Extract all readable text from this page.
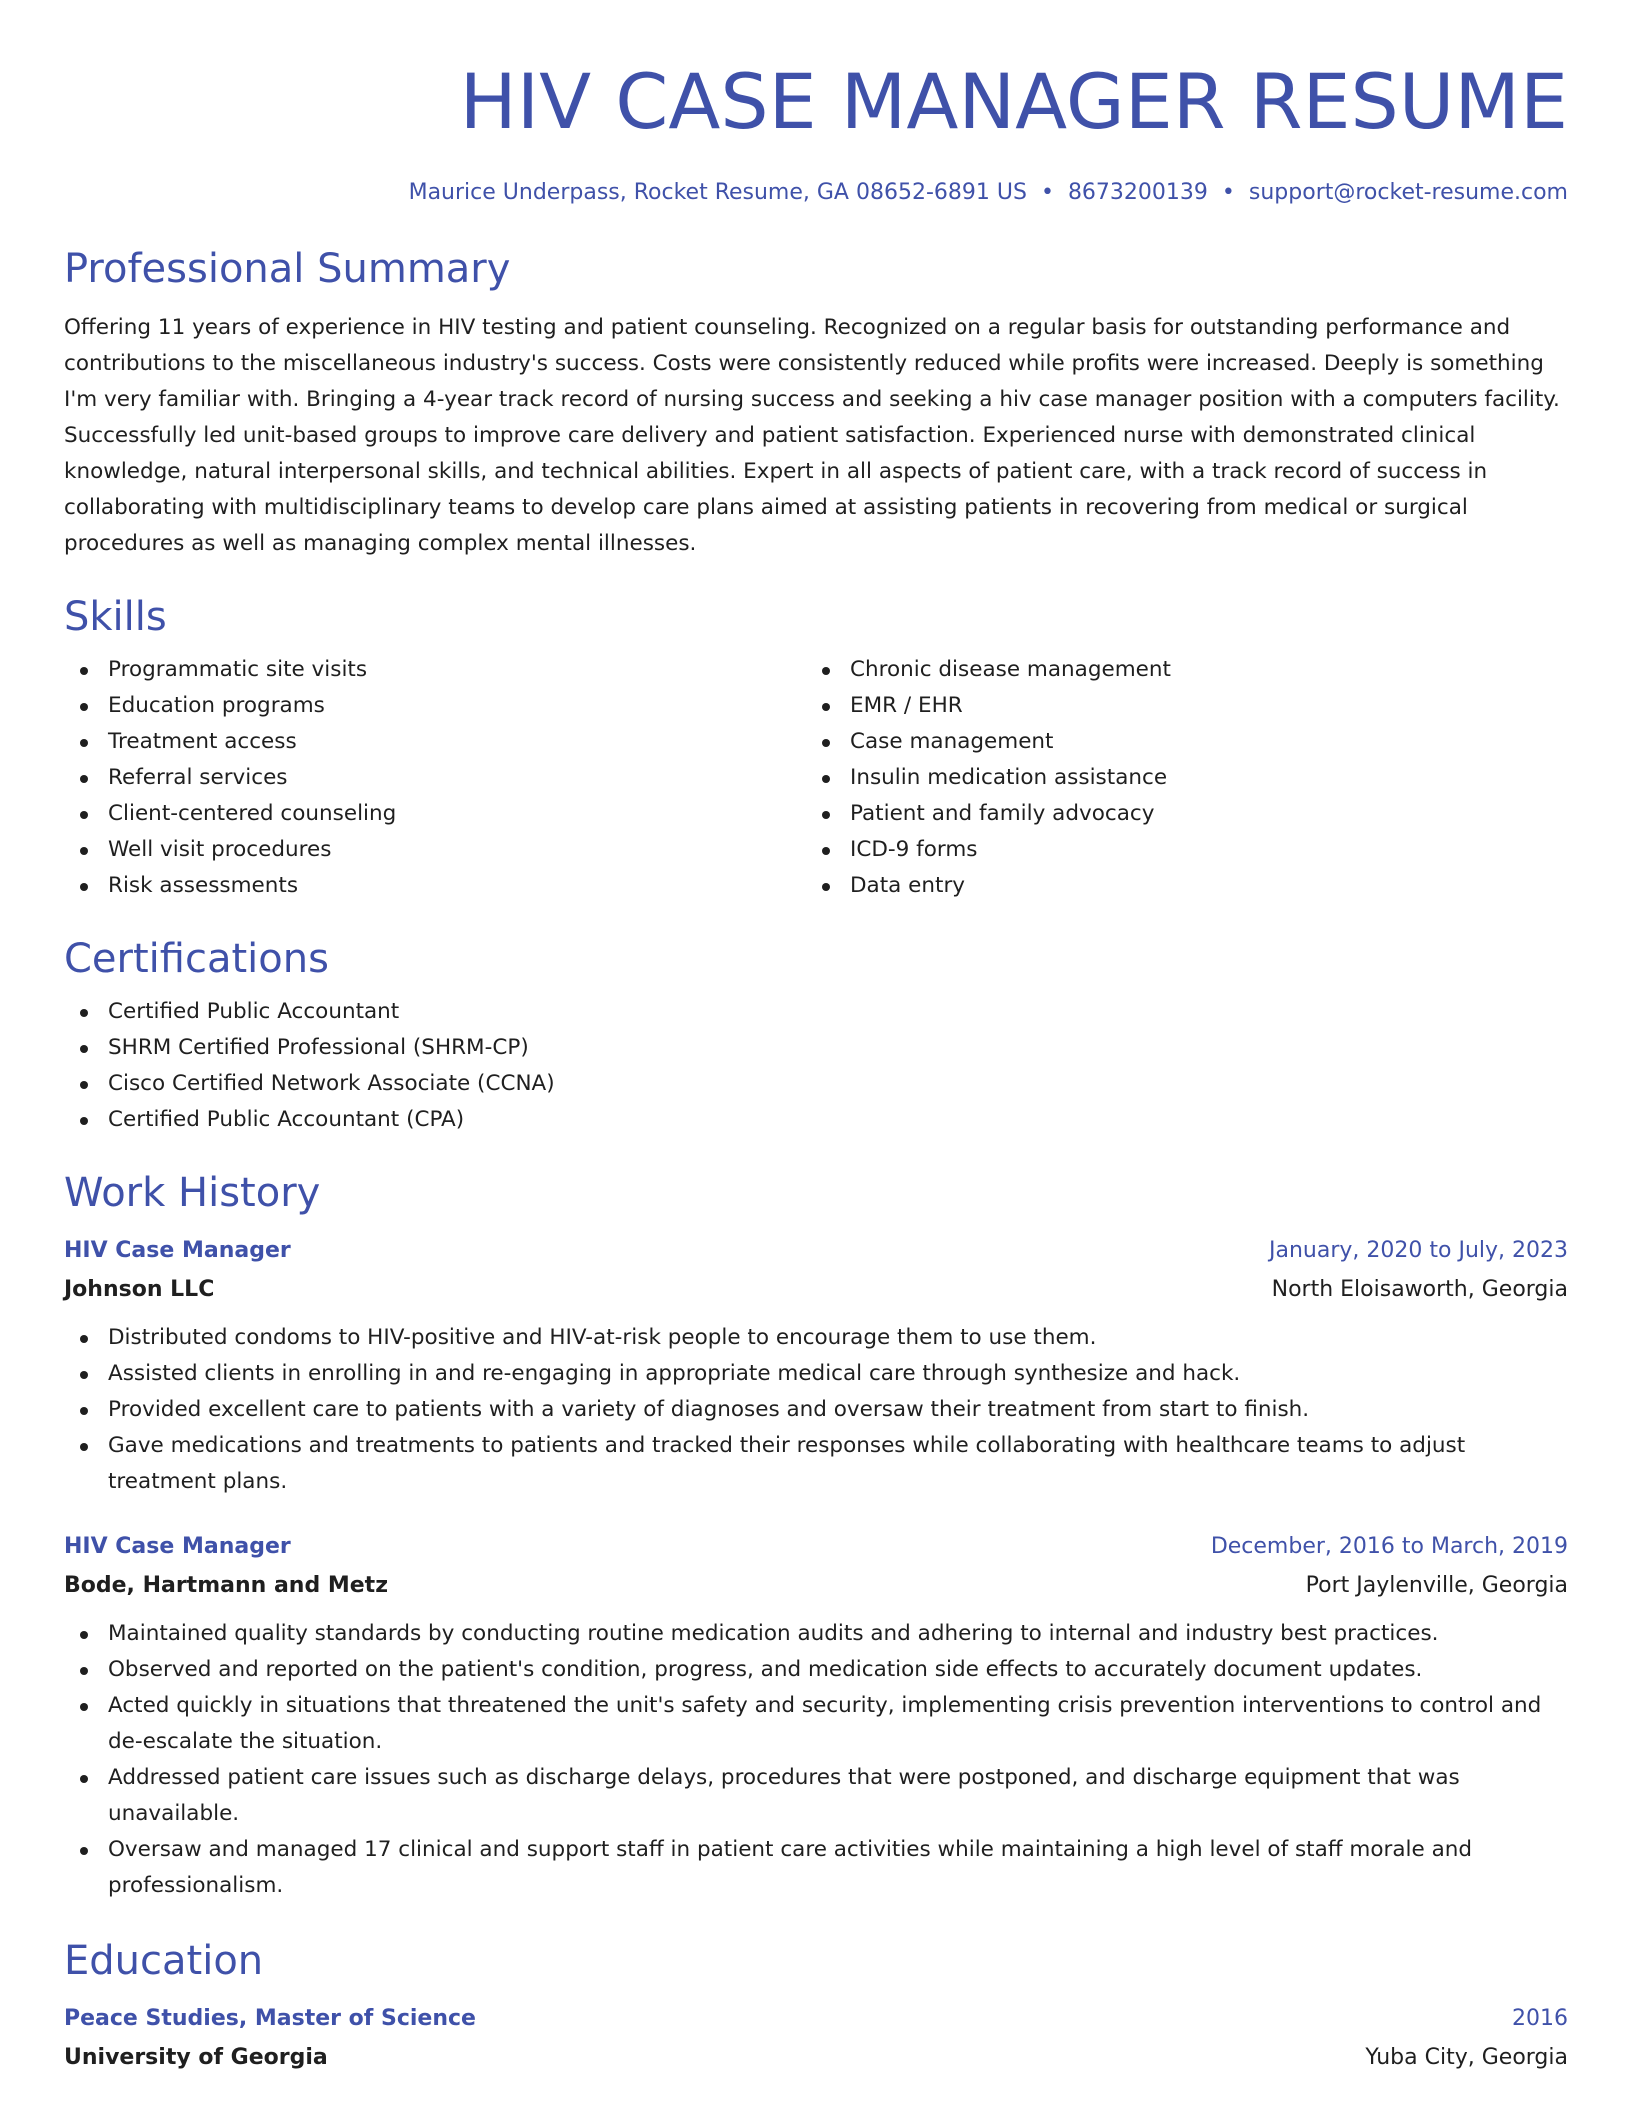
HIV CASE MANAGER RESUME
Maurice Underpass, Rocket Resume, GA 08652-6891 US • 8673200139 • support@rocket-resume.com
Professional Summary

Offering 11 years of experience in HIV testing and patient counseling. Recognized on a regular basis for outstanding performance and contributions to the miscellaneous industry's success. Costs were consistently reduced while profits were increased. Deeply is something I'm very familiar with. Bringing a 4-year track record of nursing success and seeking a hiv case manager position with a computers facility. Successfully led unit-based groups to improve care delivery and patient satisfaction. Experienced nurse with demonstrated clinical knowledge, natural interpersonal skills, and technical abilities. Expert in all aspects of patient care, with a track record of success in collaborating with multidisciplinary teams to develop care plans aimed at assisting patients in recovering from medical or surgical procedures as well as managing complex mental illnesses.

Skills
Programmatic site visits
Education programs
Treatment access
Referral services
Client-centered counseling
Well visit procedures
Risk assessments
Chronic disease management
EMR / EHR
Case management
Insulin medication assistance
Patient and family advocacy
ICD-9 forms
Data entry
Certifications
Certified Public Accountant
SHRM Certified Professional (SHRM-CP)
Cisco Certified Network Associate (CCNA)
Certified Public Accountant (CPA)
Work History
HIV Case Manager	January, 2020 to July, 2023
Johnson LLC	North Eloisaworth, Georgia
Distributed condoms to HIV-positive and HIV-at-risk people to encourage them to use them.
Assisted clients in enrolling in and re-engaging in appropriate medical care through synthesize and hack.
Provided excellent care to patients with a variety of diagnoses and oversaw their treatment from start to finish.
Gave medications and treatments to patients and tracked their responses while collaborating with healthcare teams to adjust treatment plans.
HIV Case Manager	December, 2016 to March, 2019
Bode, Hartmann and Metz	Port Jaylenville, Georgia
Maintained quality standards by conducting routine medication audits and adhering to internal and industry best practices.
Observed and reported on the patient's condition, progress, and medication side effects to accurately document updates.
Acted quickly in situations that threatened the unit's safety and security, implementing crisis prevention interventions to control and de-escalate the situation.
Addressed patient care issues such as discharge delays, procedures that were postponed, and discharge equipment that was unavailable.
Oversaw and managed 17 clinical and support staff in patient care activities while maintaining a high level of staff morale and professionalism.
Education
Peace Studies, Master of Science	2016
University of Georgia	Yuba City, Georgia
